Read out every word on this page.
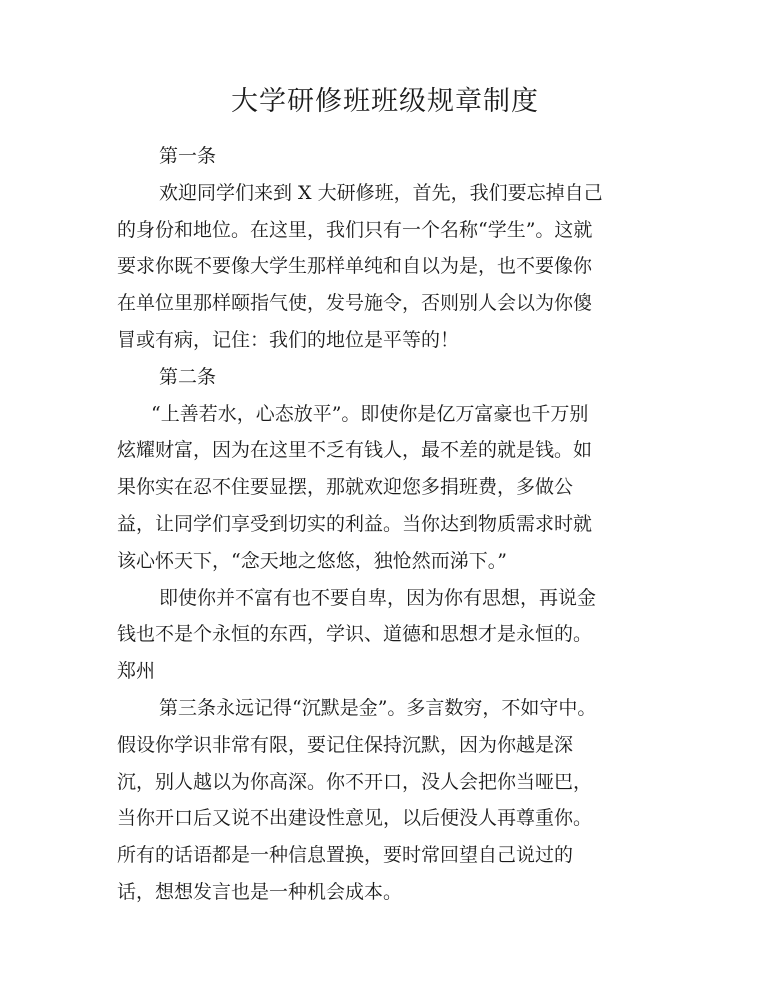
大学研修班班级规章制度
第一条
欢迎同学们来到 X 大研修班，首先，我们要忘掉自己
的身份和地位。在这里，我们只有一个名称“学生”。这就
要求你既不要像大学生那样单纯和自以为是，也不要像你
在单位里那样颐指气使，发号施令，否则别人会以为你傻
冒或有病，记住：我们的地位是平等的！
第二条
“上善若水，心态放平”。即使你是亿万富豪也千万别
炫耀财富，因为在这里不乏有钱人，最不差的就是钱。如
果你实在忍不住要显摆，那就欢迎您多捐班费，多做公
益，让同学们享受到切实的利益。当你达到物质需求时就
该心怀天下，“念天地之悠悠，独怆然而涕下。”
即使你并不富有也不要自卑，因为你有思想，再说金
钱也不是个永恒的东西，学识、道德和思想才是永恒的。
郑州
第三条永远记得“沉默是金”。多言数穷，不如守中。
假设你学识非常有限，要记住保持沉默，因为你越是深
沉，别人越以为你高深。你不开口，没人会把你当哑巴，
当你开口后又说不出建设性意见，以后便没人再尊重你。
所有的话语都是一种信息置换，要时常回望自己说过的
话，想想发言也是一种机会成本。
